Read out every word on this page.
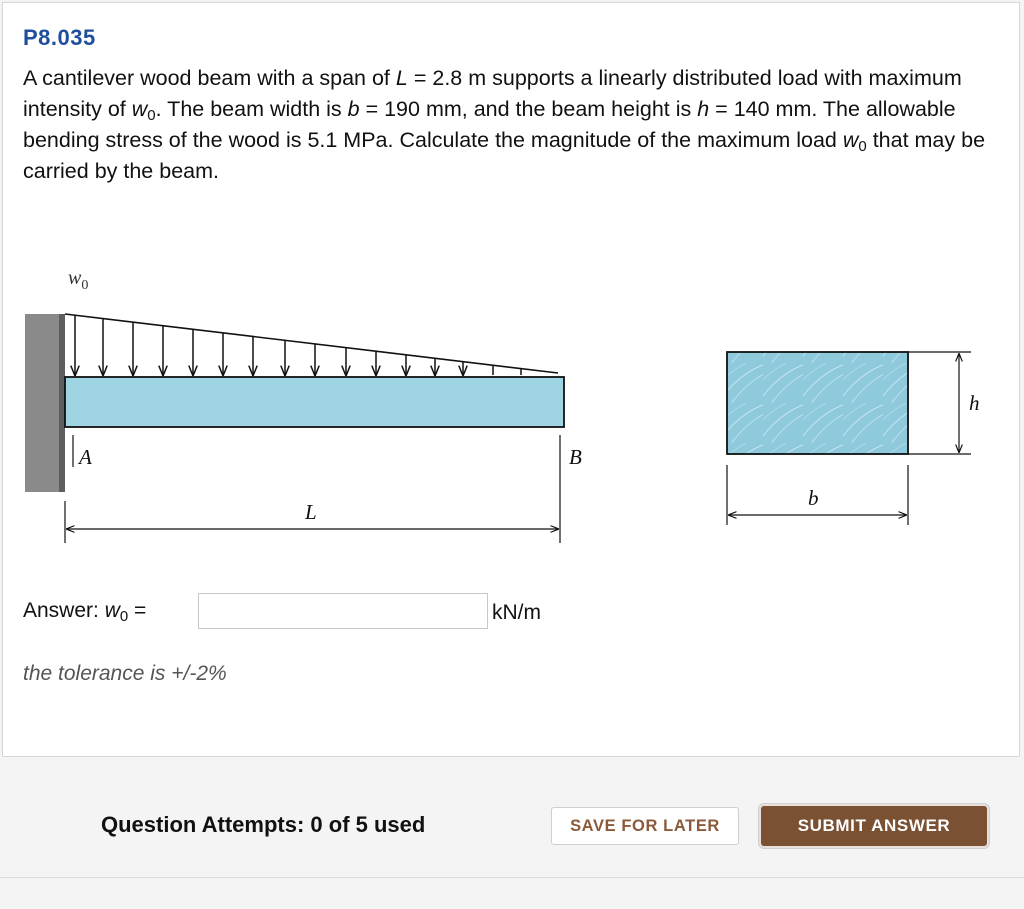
P8.035
A cantilever wood beam with a span of L = 2.8 m supports a linearly distributed load with maximum intensity of $w_0$. The beam width is b = 190 mm, and the beam height is h = 140 mm. The allowable bending stress of the wood is 5.1 MPa. Calculate the magnitude of the maximum load $w_0$ that may be carried by the beam.
$w_0$
A	B
L
h
b
Answer: $w_0$ =	kN/m
the tolerance is +/-2%
Question Attempts: 0 of 5 used	SAVE FOR LATER	SUBMIT ANSWER
